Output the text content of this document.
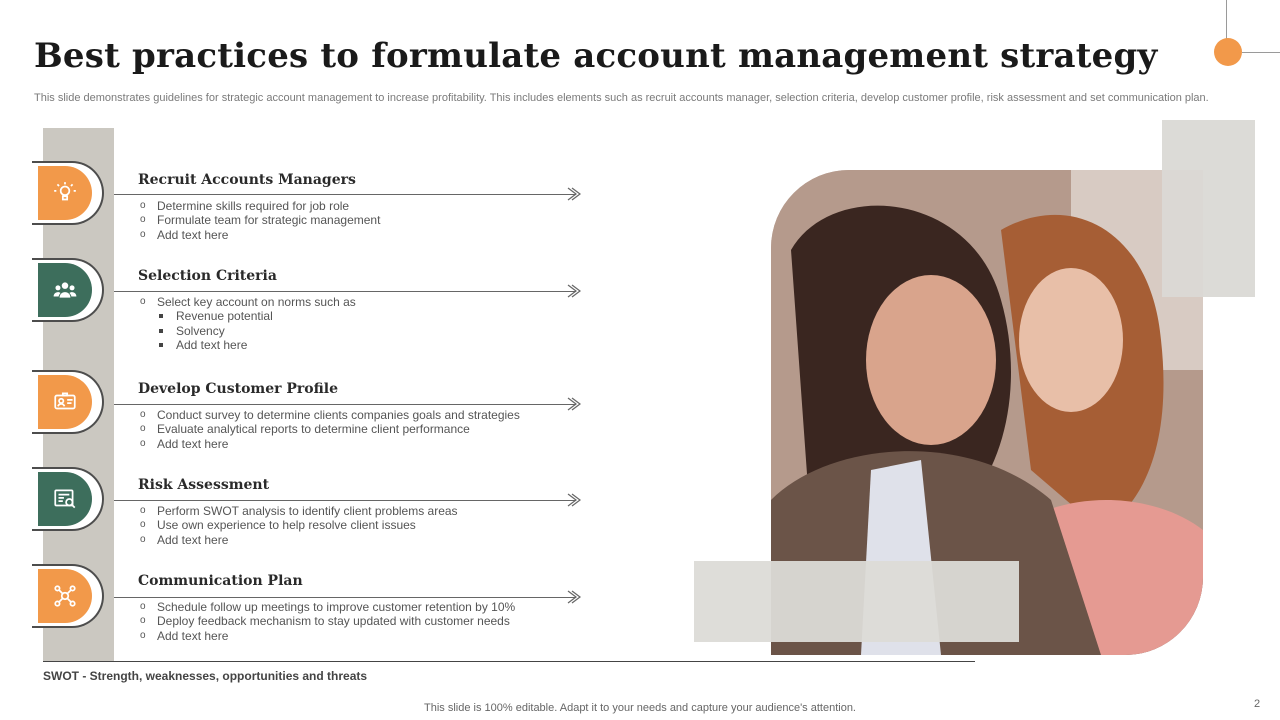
Best practices to formulate account management strategy

This slide demonstrates guidelines for strategic account management to increase profitability. This includes elements such as recruit accounts manager, selection criteria, develop customer profile, risk assessment and set communication plan.

Recruit Accounts Managers

o Determine skills required for job role
o Formulate team for strategic management
o Add text here

Selection Criteria

o Select key account on norms such as
Revenue potential
Solvency
Add text here

Develop Customer Profile

o Conduct survey to determine clients companies goals and strategies
o Evaluate analytical reports to determine client performance
o Add text here

Risk Assessment

o Perform SWOT analysis to identify client problems areas
o Use own experience to help resolve client issues
o Add text here

Communication Plan

o Schedule follow up meetings to improve customer retention by 10%
o Deploy feedback mechanism to stay updated with customer needs
o Add text here

SWOT - Strength, weaknesses, opportunities and threats

This slide is 100% editable. Adapt it to your needs and capture your audience's attention.	2
